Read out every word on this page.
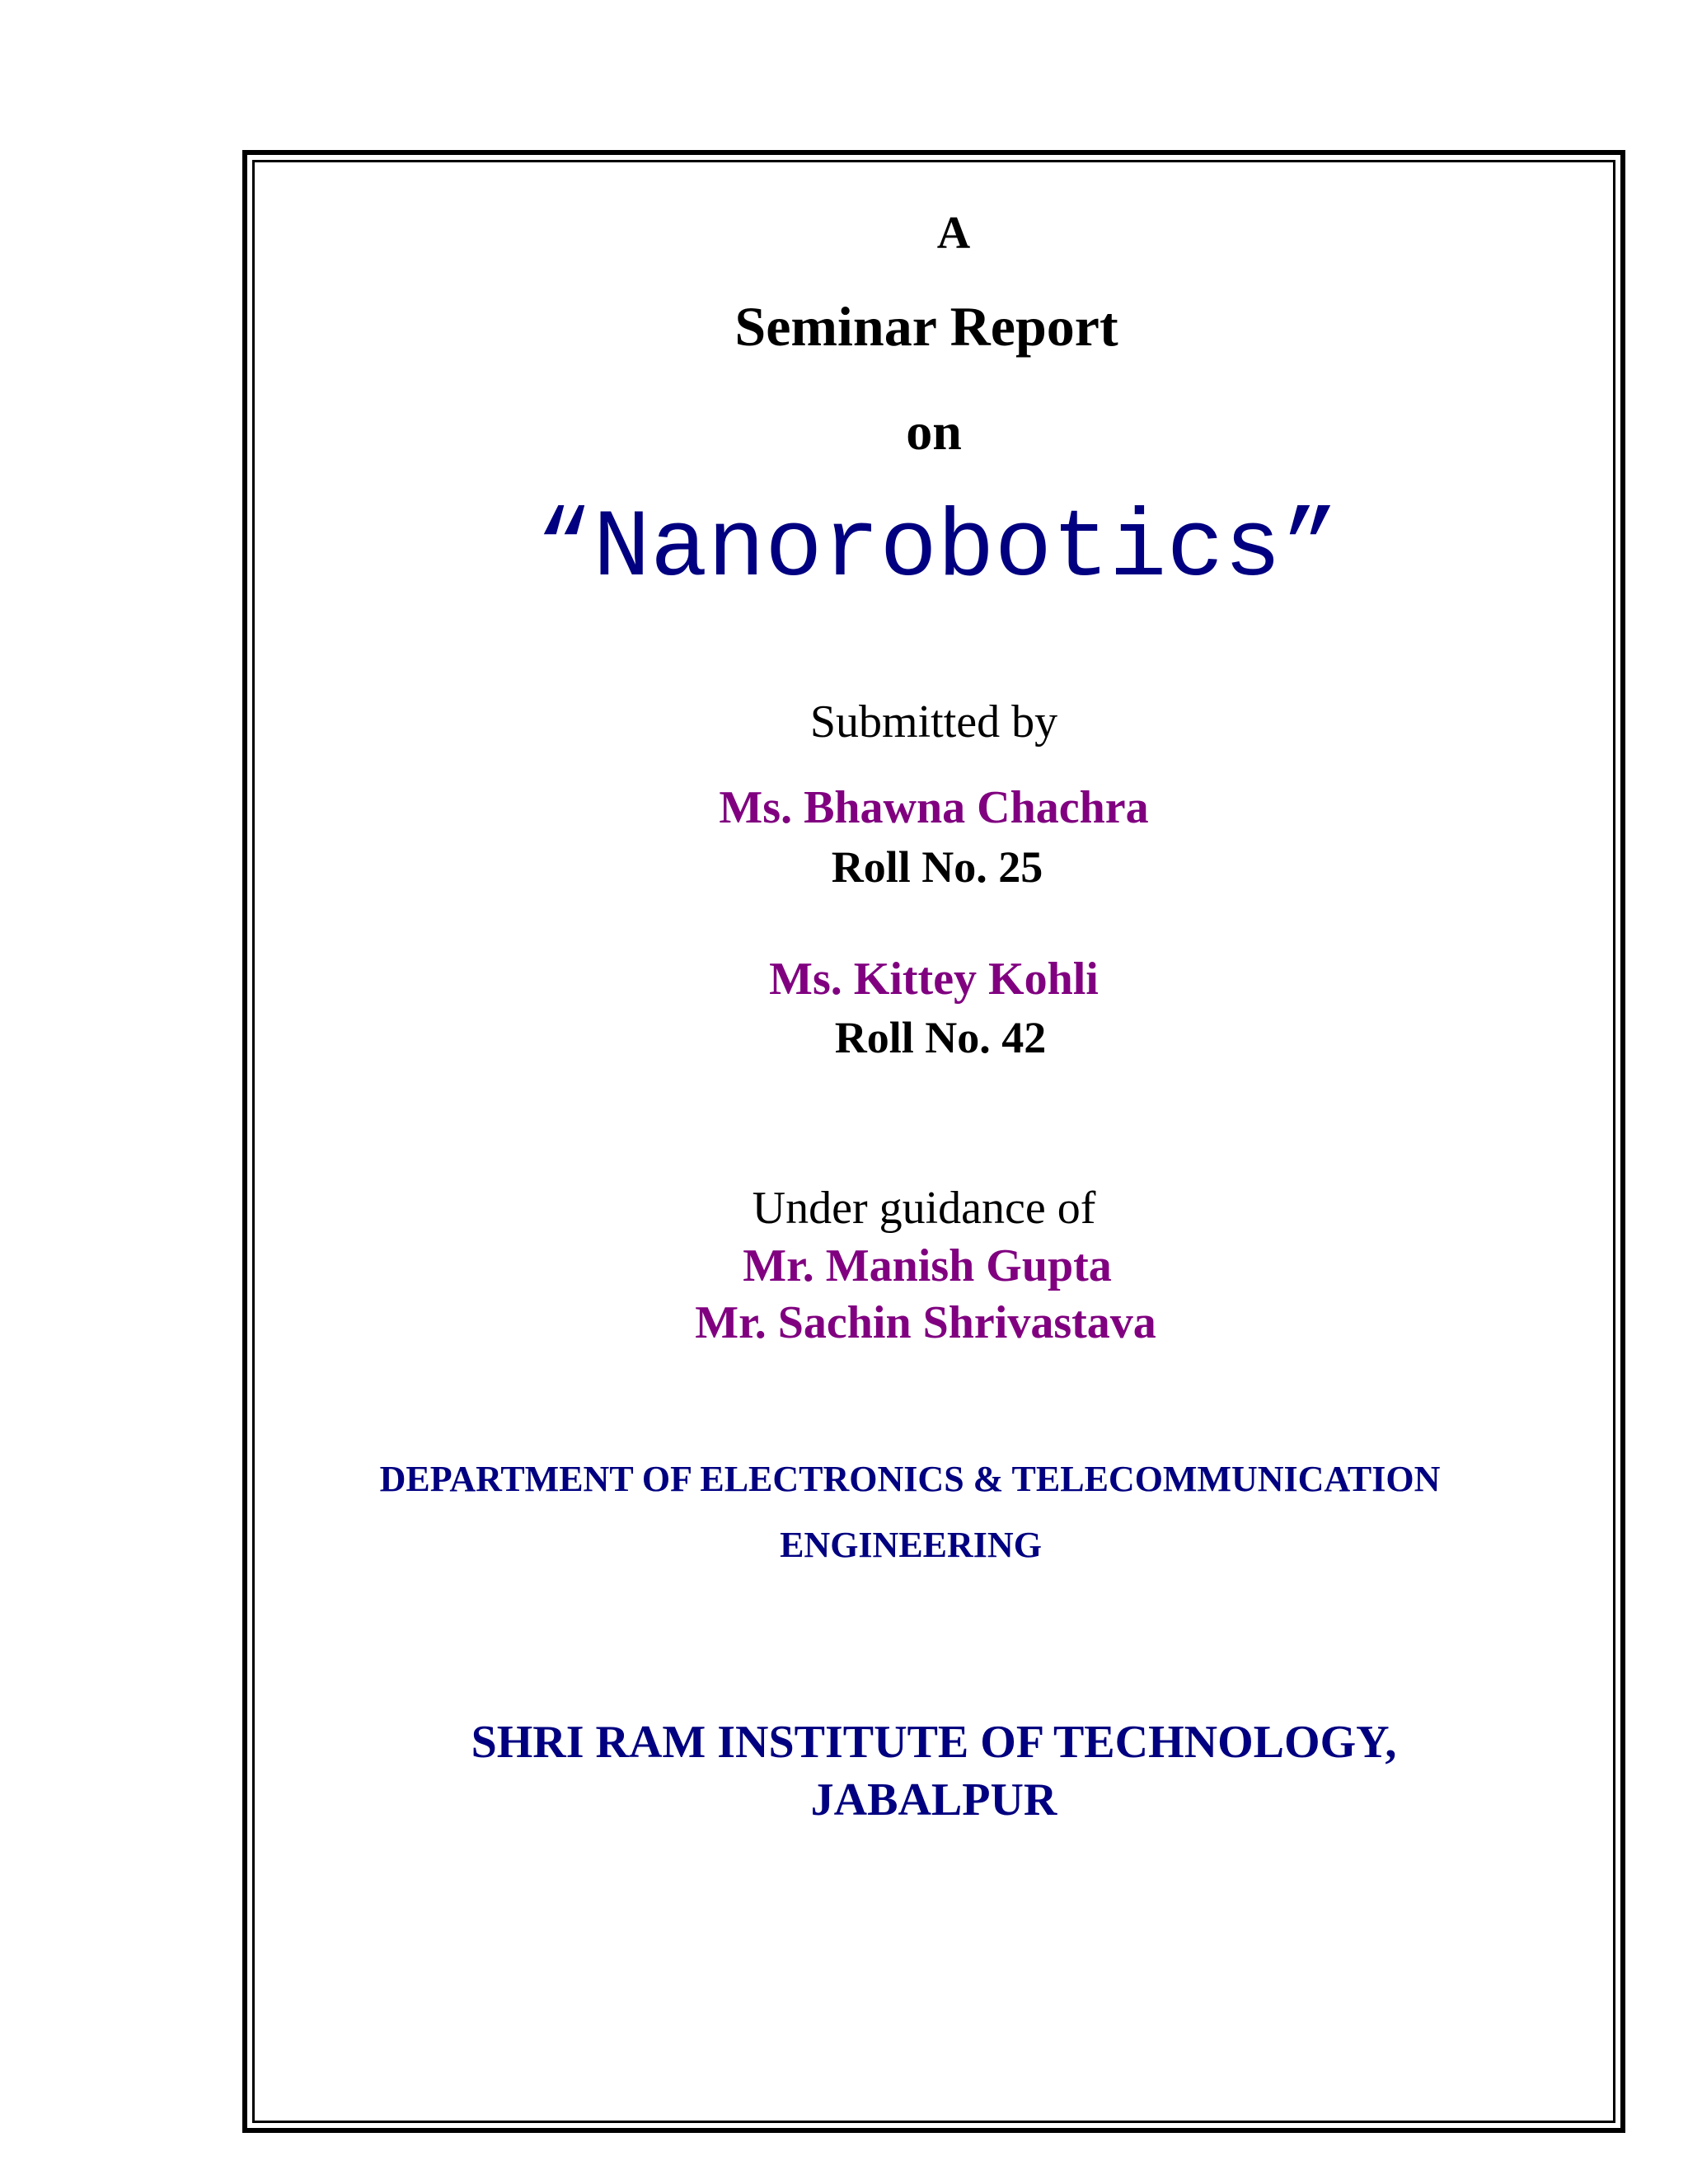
A
Seminar Report
on
“Nanorobotics”
Submitted by
Ms. Bhawna Chachra
Roll No. 25
Ms. Kittey Kohli
Roll No. 42
Under guidance of
Mr. Manish Gupta
Mr. Sachin Shrivastava
DEPARTMENT OF ELECTRONICS & TELECOMMUNICATION
ENGINEERING
SHRI RAM INSTITUTE OF TECHNOLOGY,
JABALPUR
